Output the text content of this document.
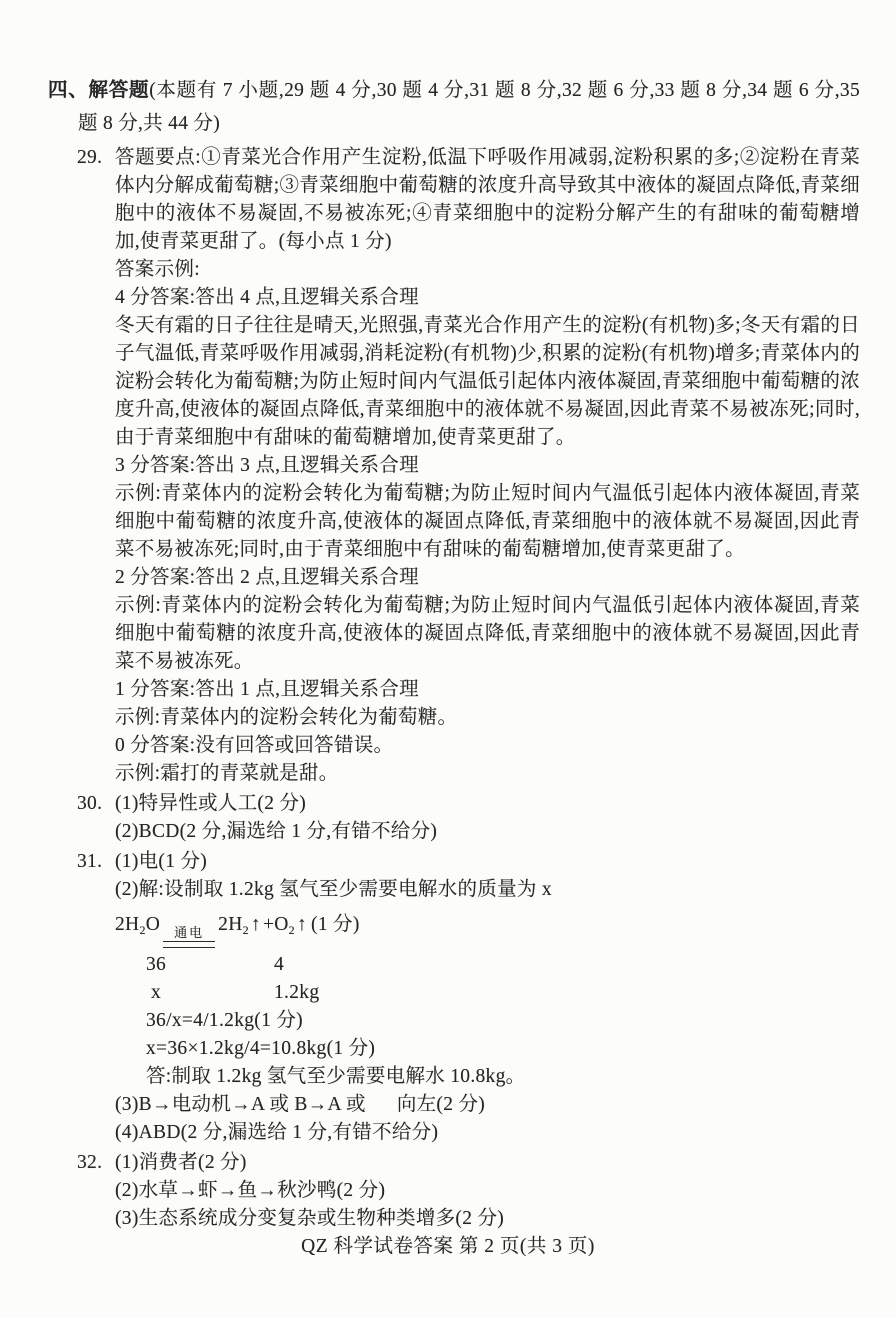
四、解答题(本题有 7 小题,29 题 4 分,30 题 4 分,31 题 8 分,32 题 6 分,33 题 8 分,34 题 6 分,35 题 8 分,共 44 分)

29. 答题要点:①青菜光合作用产生淀粉,低温下呼吸作用减弱,淀粉积累的多;②淀粉在青菜体内分解成葡萄糖;③青菜细胞中葡萄糖的浓度升高导致其中液体的凝固点降低,青菜细胞中的液体不易凝固,不易被冻死;④青菜细胞中的淀粉分解产生的有甜味的葡萄糖增加,使青菜更甜了。(每小点 1 分)

答案示例:

4 分答案:答出 4 点,且逻辑关系合理

冬天有霜的日子往往是晴天,光照强,青菜光合作用产生的淀粉(有机物)多;冬天有霜的日子气温低,青菜呼吸作用减弱,消耗淀粉(有机物)少,积累的淀粉(有机物)增多;青菜体内的淀粉会转化为葡萄糖;为防止短时间内气温低引起体内液体凝固,青菜细胞中葡萄糖的浓度升高,使液体的凝固点降低,青菜细胞中的液体就不易凝固,因此青菜不易被冻死;同时,由于青菜细胞中有甜味的葡萄糖增加,使青菜更甜了。

3 分答案:答出 3 点,且逻辑关系合理

示例:青菜体内的淀粉会转化为葡萄糖;为防止短时间内气温低引起体内液体凝固,青菜细胞中葡萄糖的浓度升高,使液体的凝固点降低,青菜细胞中的液体就不易凝固,因此青菜不易被冻死;同时,由于青菜细胞中有甜味的葡萄糖增加,使青菜更甜了。

2 分答案:答出 2 点,且逻辑关系合理

示例:青菜体内的淀粉会转化为葡萄糖;为防止短时间内气温低引起体内液体凝固,青菜细胞中葡萄糖的浓度升高,使液体的凝固点降低,青菜细胞中的液体就不易凝固,因此青菜不易被冻死。

1 分答案:答出 1 点,且逻辑关系合理

示例:青菜体内的淀粉会转化为葡萄糖。

0 分答案:没有回答或回答错误。

示例:霜打的青菜就是甜。

30. (1)特异性或人工(2 分)

(2)BCD(2 分,漏选给 1 分,有错不给分)

31. (1)电(1 分)

(2)解:设制取 1.2kg 氢气至少需要电解水的质量为 x

$2H_2O$ 通电 $2H_2$ ↑ $+O_2$ ↑ (1 分)

36	4

x	1.2kg

36/x=4/1.2kg(1 分)

x=36×1.2kg/4=10.8kg(1 分)

答:制取 1.2kg 氢气至少需要电解水 10.8kg。

(3)B→电动机→A 或 B→A 或      向左(2 分)

(4)ABD(2 分,漏选给 1 分,有错不给分)

32. (1)消费者(2 分)

(2)水草→虾→鱼→秋沙鸭(2 分)

(3)生态系统成分变复杂或生物种类增多(2 分)

QZ 科学试卷答案 第 2 页(共 3 页)
